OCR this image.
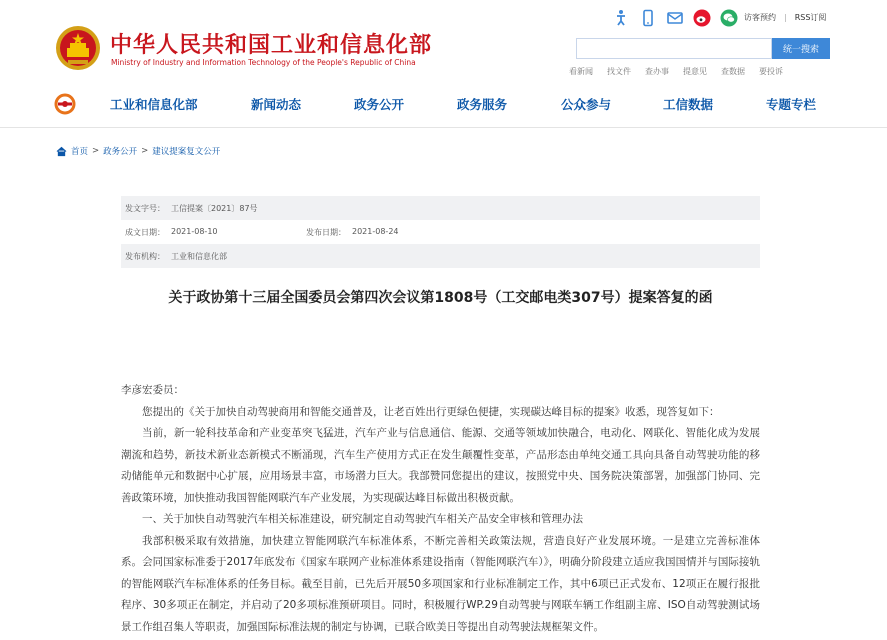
中华人民共和国工业和信息化部
Ministry of Industry and Information Technology of the People's Republic of China
访客预约 | RSS订阅
统一搜索
看新闻 找文件 查办事 提意见 查数据 要投诉
工业和信息化部	新闻动态	政务公开	政务服务	公众参与	工信数据	专题专栏
首页 > 政务公开 > 建议提案复文公开
发文字号： 工信提案〔2021〕87号
成文日期： 2021-08-10	发布日期： 2021-08-24
发布机构： 工业和信息化部
关于政协第十三届全国委员会第四次会议第1808号（工交邮电类307号）提案答复的函

李彦宏委员：

您提出的《关于加快自动驾驶商用和智能交通普及，让老百姓出行更绿色便捷，实现碳达峰目标的提案》收悉，现答复如下：

当前，新一轮科技革命和产业变革突飞猛进，汽车产业与信息通信、能源、交通等领域加快融合，电动化、网联化、智能化成为发展潮流和趋势，新技术新业态新模式不断涌现，汽车生产使用方式正在发生颠覆性变革，产品形态由单纯交通工具向具备自动驾驶功能的移动储能单元和数据中心扩展，应用场景丰富，市场潜力巨大。我部赞同您提出的建议，按照党中央、国务院决策部署，加强部门协同、完善政策环境，加快推动我国智能网联汽车产业发展，为实现碳达峰目标做出积极贡献。

一、关于加快自动驾驶汽车相关标准建设，研究制定自动驾驶汽车相关产品安全审核和管理办法

我部积极采取有效措施，加快建立智能网联汽车标准体系，不断完善相关政策法规，营造良好产业发展环境。一是建立完善标准体系。会同国家标准委于2017年底发布《国家车联网产业标准体系建设指南（智能网联汽车）》，明确分阶段建立适应我国国情并与国际接轨的智能网联汽车标准体系的任务目标。截至目前，已先后开展50多项国家和行业标准制定工作，其中6项已正式发布、12项正在履行报批程序、30多项正在制定，并启动了20多项标准预研项目。同时，积极履行WP.29自动驾驶与网联车辆工作组副主席、ISO自动驾驶测试场景工作组召集人等职责，加强国际标准法规的制定与协调，已联合欧美日等提出自动驾驶法规框架文件。
